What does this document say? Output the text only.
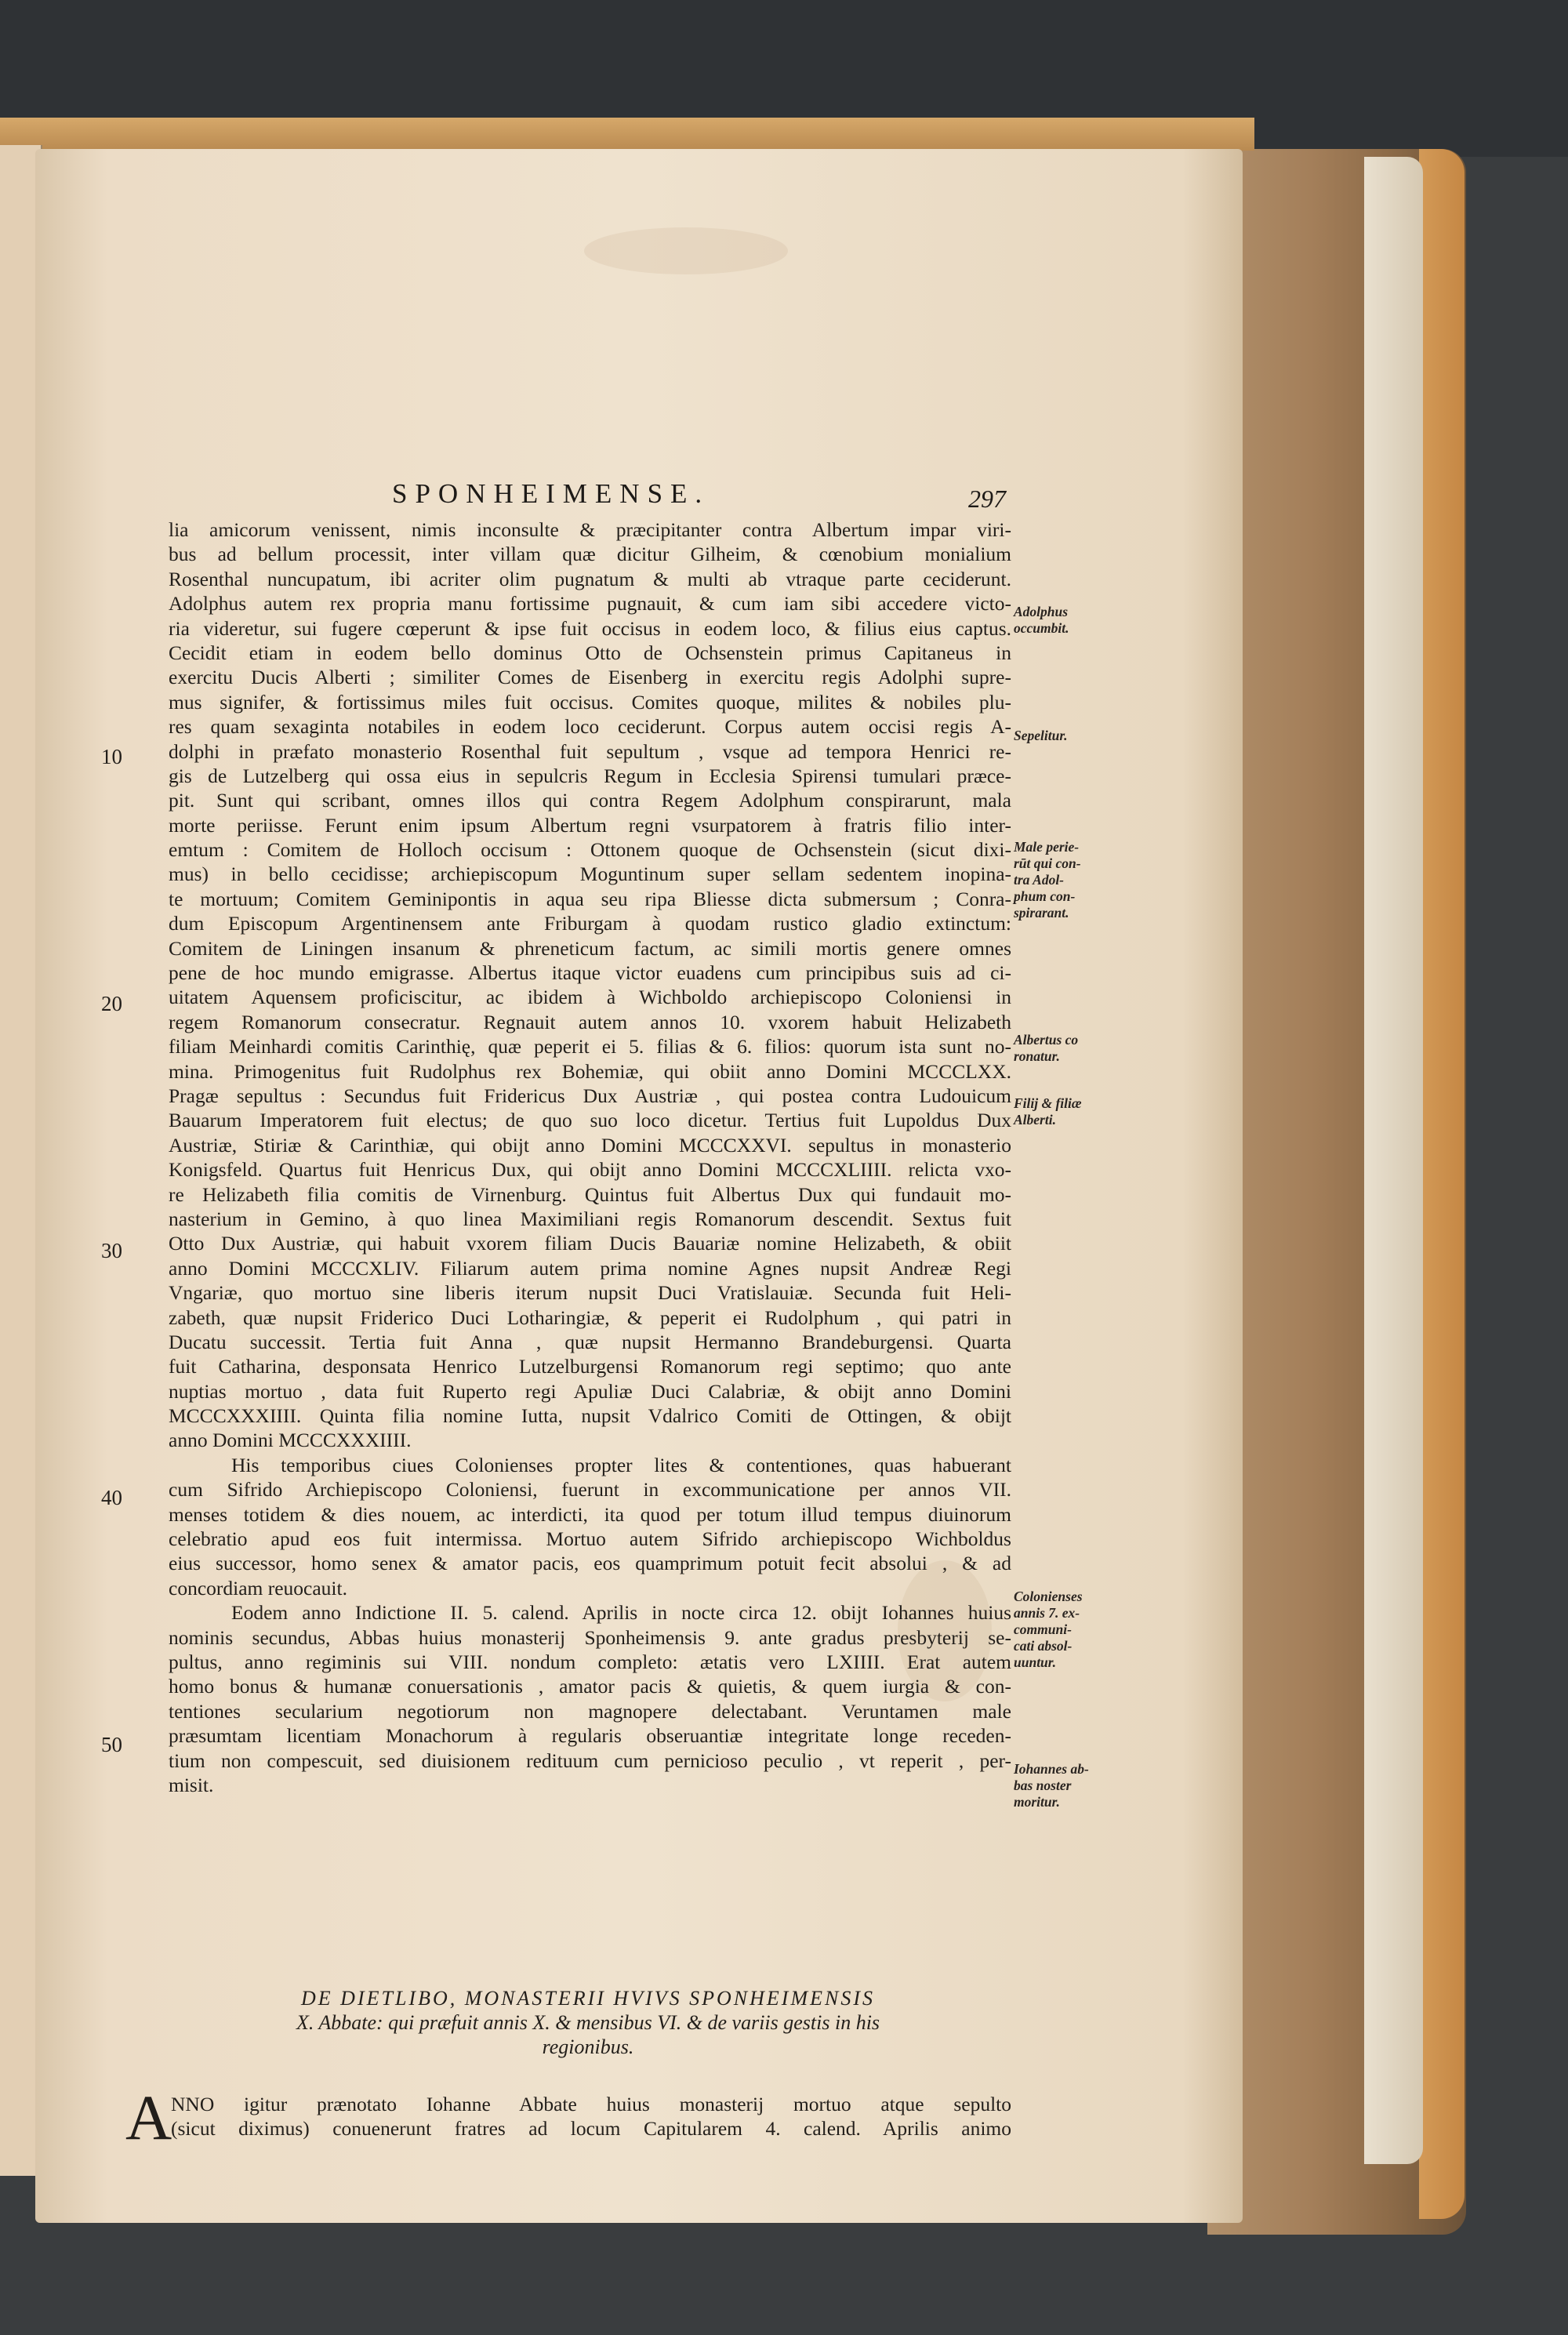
SPONHEIMENSE.	297
10
20
30
40
50
lia amicorum venissent, nimis inconsulte & præcipitanter contra Albertum impar viri-
bus ad bellum processit, inter villam quæ dicitur Gilheim, & cœnobium monialium
Rosenthal nuncupatum, ibi acriter olim pugnatum & multi ab vtraque parte ceciderunt.
Adolphus autem rex propria manu fortissime pugnauit, & cum iam sibi accedere victo-
ria videretur, sui fugere cœperunt & ipse fuit occisus in eodem loco, & filius eius captus.
Cecidit etiam in eodem bello dominus Otto de Ochsenstein primus Capitaneus in
exercitu Ducis Alberti ; similiter Comes de Eisenberg in exercitu regis Adolphi supre-
mus signifer, & fortissimus miles fuit occisus. Comites quoque, milites & nobiles plu-
res quam sexaginta notabiles in eodem loco ceciderunt. Corpus autem occisi regis A-
dolphi in præfato monasterio Rosenthal fuit sepultum , vsque ad tempora Henrici re-
gis de Lutzelberg qui ossa eius in sepulcris Regum in Ecclesia Spirensi tumulari præce-
pit. Sunt qui scribant, omnes illos qui contra Regem Adolphum conspirarunt, mala
morte periisse. Ferunt enim ipsum Albertum regni vsurpatorem à fratris filio inter-
emtum : Comitem de Holloch occisum : Ottonem quoque de Ochsenstein (sicut dixi-
mus) in bello cecidisse; archiepiscopum Moguntinum super sellam sedentem inopina-
te mortuum; Comitem Geminipontis in aqua seu ripa Bliesse dicta submersum ; Conra-
dum Episcopum Argentinensem ante Friburgam à quodam rustico gladio extinctum:
Comitem de Liningen insanum & phreneticum factum, ac simili mortis genere omnes
pene de hoc mundo emigrasse. Albertus itaque victor euadens cum principibus suis ad ci-
uitatem Aquensem proficiscitur, ac ibidem à Wichboldo archiepiscopo Coloniensi in
regem Romanorum consecratur. Regnauit autem annos 10. vxorem habuit Helizabeth
filiam Meinhardi comitis Carinthię, quæ peperit ei 5. filias & 6. filios: quorum ista sunt no-
mina. Primogenitus fuit Rudolphus rex Bohemiæ, qui obiit anno Domini MCCCLXX.
Pragæ sepultus : Secundus fuit Fridericus Dux Austriæ , qui postea contra Ludouicum
Bauarum Imperatorem fuit electus; de quo suo loco dicetur. Tertius fuit Lupoldus Dux
Austriæ, Stiriæ & Carinthiæ, qui obijt anno Domini MCCCXXVI. sepultus in monasterio
Konigsfeld. Quartus fuit Henricus Dux, qui obijt anno Domini MCCCXLIIII. relicta vxo-
re Helizabeth filia comitis de Virnenburg. Quintus fuit Albertus Dux qui fundauit mo-
nasterium in Gemino, à quo linea Maximiliani regis Romanorum descendit. Sextus fuit
Otto Dux Austriæ, qui habuit vxorem filiam Ducis Bauariæ nomine Helizabeth, & obiit
anno Domini MCCCXLIV. Filiarum autem prima nomine Agnes nupsit Andreæ Regi
Vngariæ, quo mortuo sine liberis iterum nupsit Duci Vratislauiæ. Secunda fuit Heli-
zabeth, quæ nupsit Friderico Duci Lotharingiæ, & peperit ei Rudolphum , qui patri in
Ducatu successit. Tertia fuit Anna , quæ nupsit Hermanno Brandeburgensi. Quarta
fuit Catharina, desponsata Henrico Lutzelburgensi Romanorum regi septimo; quo ante
nuptias mortuo , data fuit Ruperto regi Apuliæ Duci Calabriæ, & obijt anno Domini
MCCCXXXIIII. Quinta filia nomine Iutta, nupsit Vdalrico Comiti de Ottingen, & obijt
anno Domini MCCCXXXIIII.
His temporibus ciues Colonienses propter lites & contentiones, quas habuerant
cum Sifrido Archiepiscopo Coloniensi, fuerunt in excommunicatione per annos VII.
menses totidem & dies nouem, ac interdicti, ita quod per totum illud tempus diuinorum
celebratio apud eos fuit intermissa. Mortuo autem Sifrido archiepiscopo Wichboldus
eius successor, homo senex & amator pacis, eos quamprimum potuit fecit absolui , & ad
concordiam reuocauit.
Eodem anno Indictione II. 5. calend. Aprilis in nocte circa 12. obijt Iohannes huius
nominis secundus, Abbas huius monasterij Sponheimensis 9. ante gradus presbyterij se-
pultus, anno regiminis sui VIII. nondum completo: ætatis vero LXIIII. Erat autem
homo bonus & humanæ conuersationis , amator pacis & quietis, & quem iurgia & con-
tentiones secularium negotiorum non magnopere delectabant. Veruntamen male
præsumtam licentiam Monachorum à regularis obseruantiæ integritate longe receden-
tium non compescuit, sed diuisionem redituum cum pernicioso peculio , vt reperit , per-
misit.
Adolphus
occumbit.
Sepelitur.
Male perie-
rūt qui con-
tra Adol-
phum con-
spirarant.
Albertus co
ronatur.
Filij & filiæ
Alberti.
Colonienses
annis 7. ex-
communi-
cati absol-
uuntur.
Iohannes ab-
bas noster
moritur.
DE DIETLIBO, MONASTERII HVIVS SPONHEIMENSIS
X. Abbate: qui præfuit annis X. & mensibus VI. & de variis gestis in his
regionibus.
A
NNO igitur prænotato Iohanne Abbate huius monasterij mortuo atque sepulto
(sicut diximus) conuenerunt fratres ad locum Capitularem 4. calend. Aprilis animo
